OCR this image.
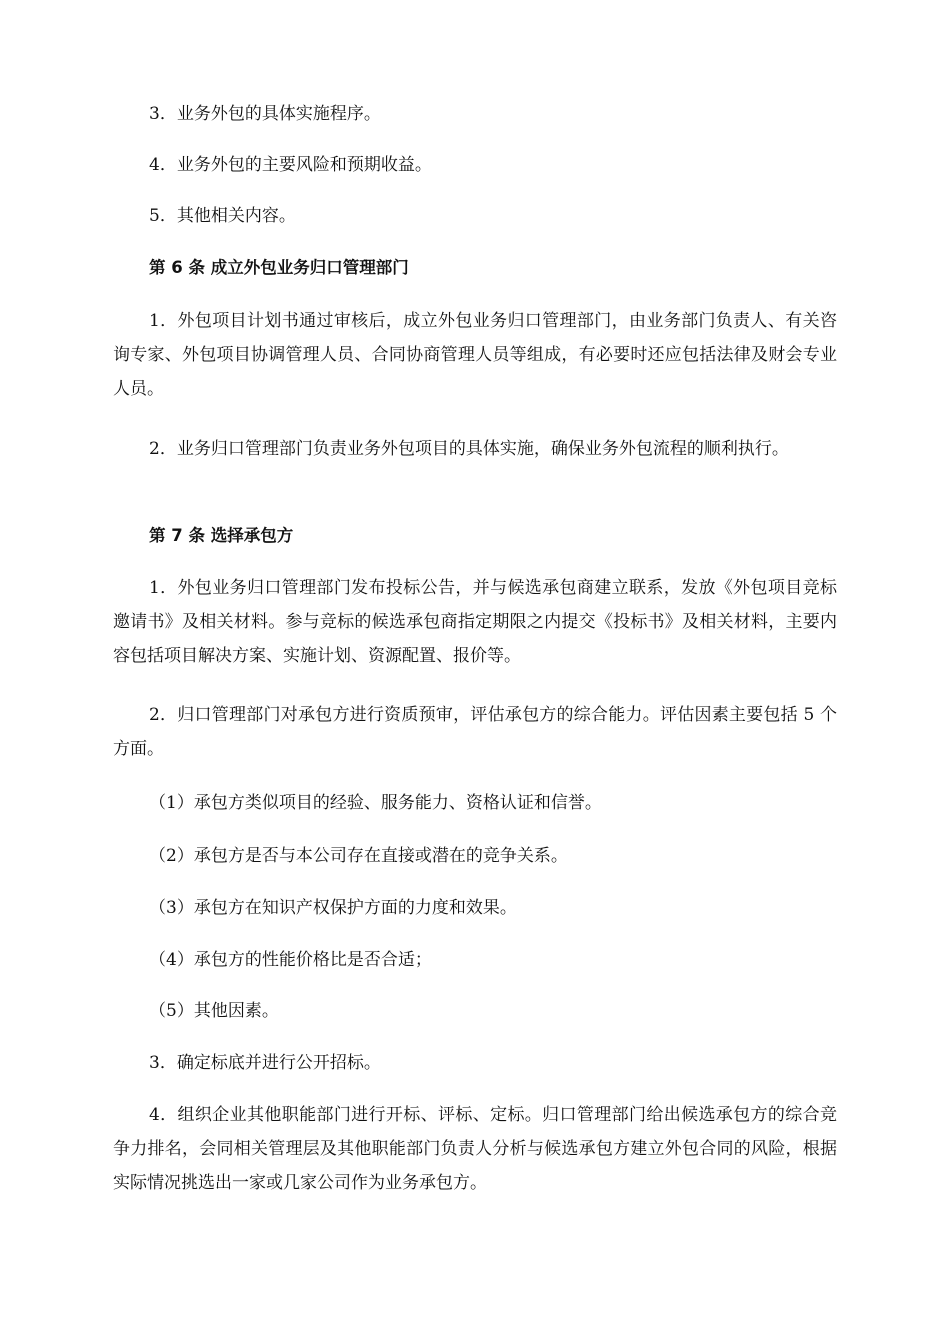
3．业务外包的具体实施程序。

4．业务外包的主要风险和预期收益。

5．其他相关内容。

第 6 条 成立外包业务归口管理部门

1．外包项目计划书通过审核后，成立外包业务归口管理部门，由业务部门负责人、有关咨询专家、外包项目协调管理人员、合同协商管理人员等组成，有必要时还应包括法律及财会专业人员。

2．业务归口管理部门负责业务外包项目的具体实施，确保业务外包流程的顺利执行。

第 7 条 选择承包方

1．外包业务归口管理部门发布投标公告，并与候选承包商建立联系，发放《外包项目竞标邀请书》及相关材料。参与竞标的候选承包商指定期限之内提交《投标书》及相关材料，主要内容包括项目解决方案、实施计划、资源配置、报价等。

2．归口管理部门对承包方进行资质预审，评估承包方的综合能力。评估因素主要包括 5 个方面。

（1）承包方类似项目的经验、服务能力、资格认证和信誉。

（2）承包方是否与本公司存在直接或潜在的竞争关系。

（3）承包方在知识产权保护方面的力度和效果。

（4）承包方的性能价格比是否合适；

（5）其他因素。

3．确定标底并进行公开招标。

4．组织企业其他职能部门进行开标、评标、定标。归口管理部门给出候选承包方的综合竞争力排名，会同相关管理层及其他职能部门负责人分析与候选承包方建立外包合同的风险，根据实际情况挑选出一家或几家公司作为业务承包方。
